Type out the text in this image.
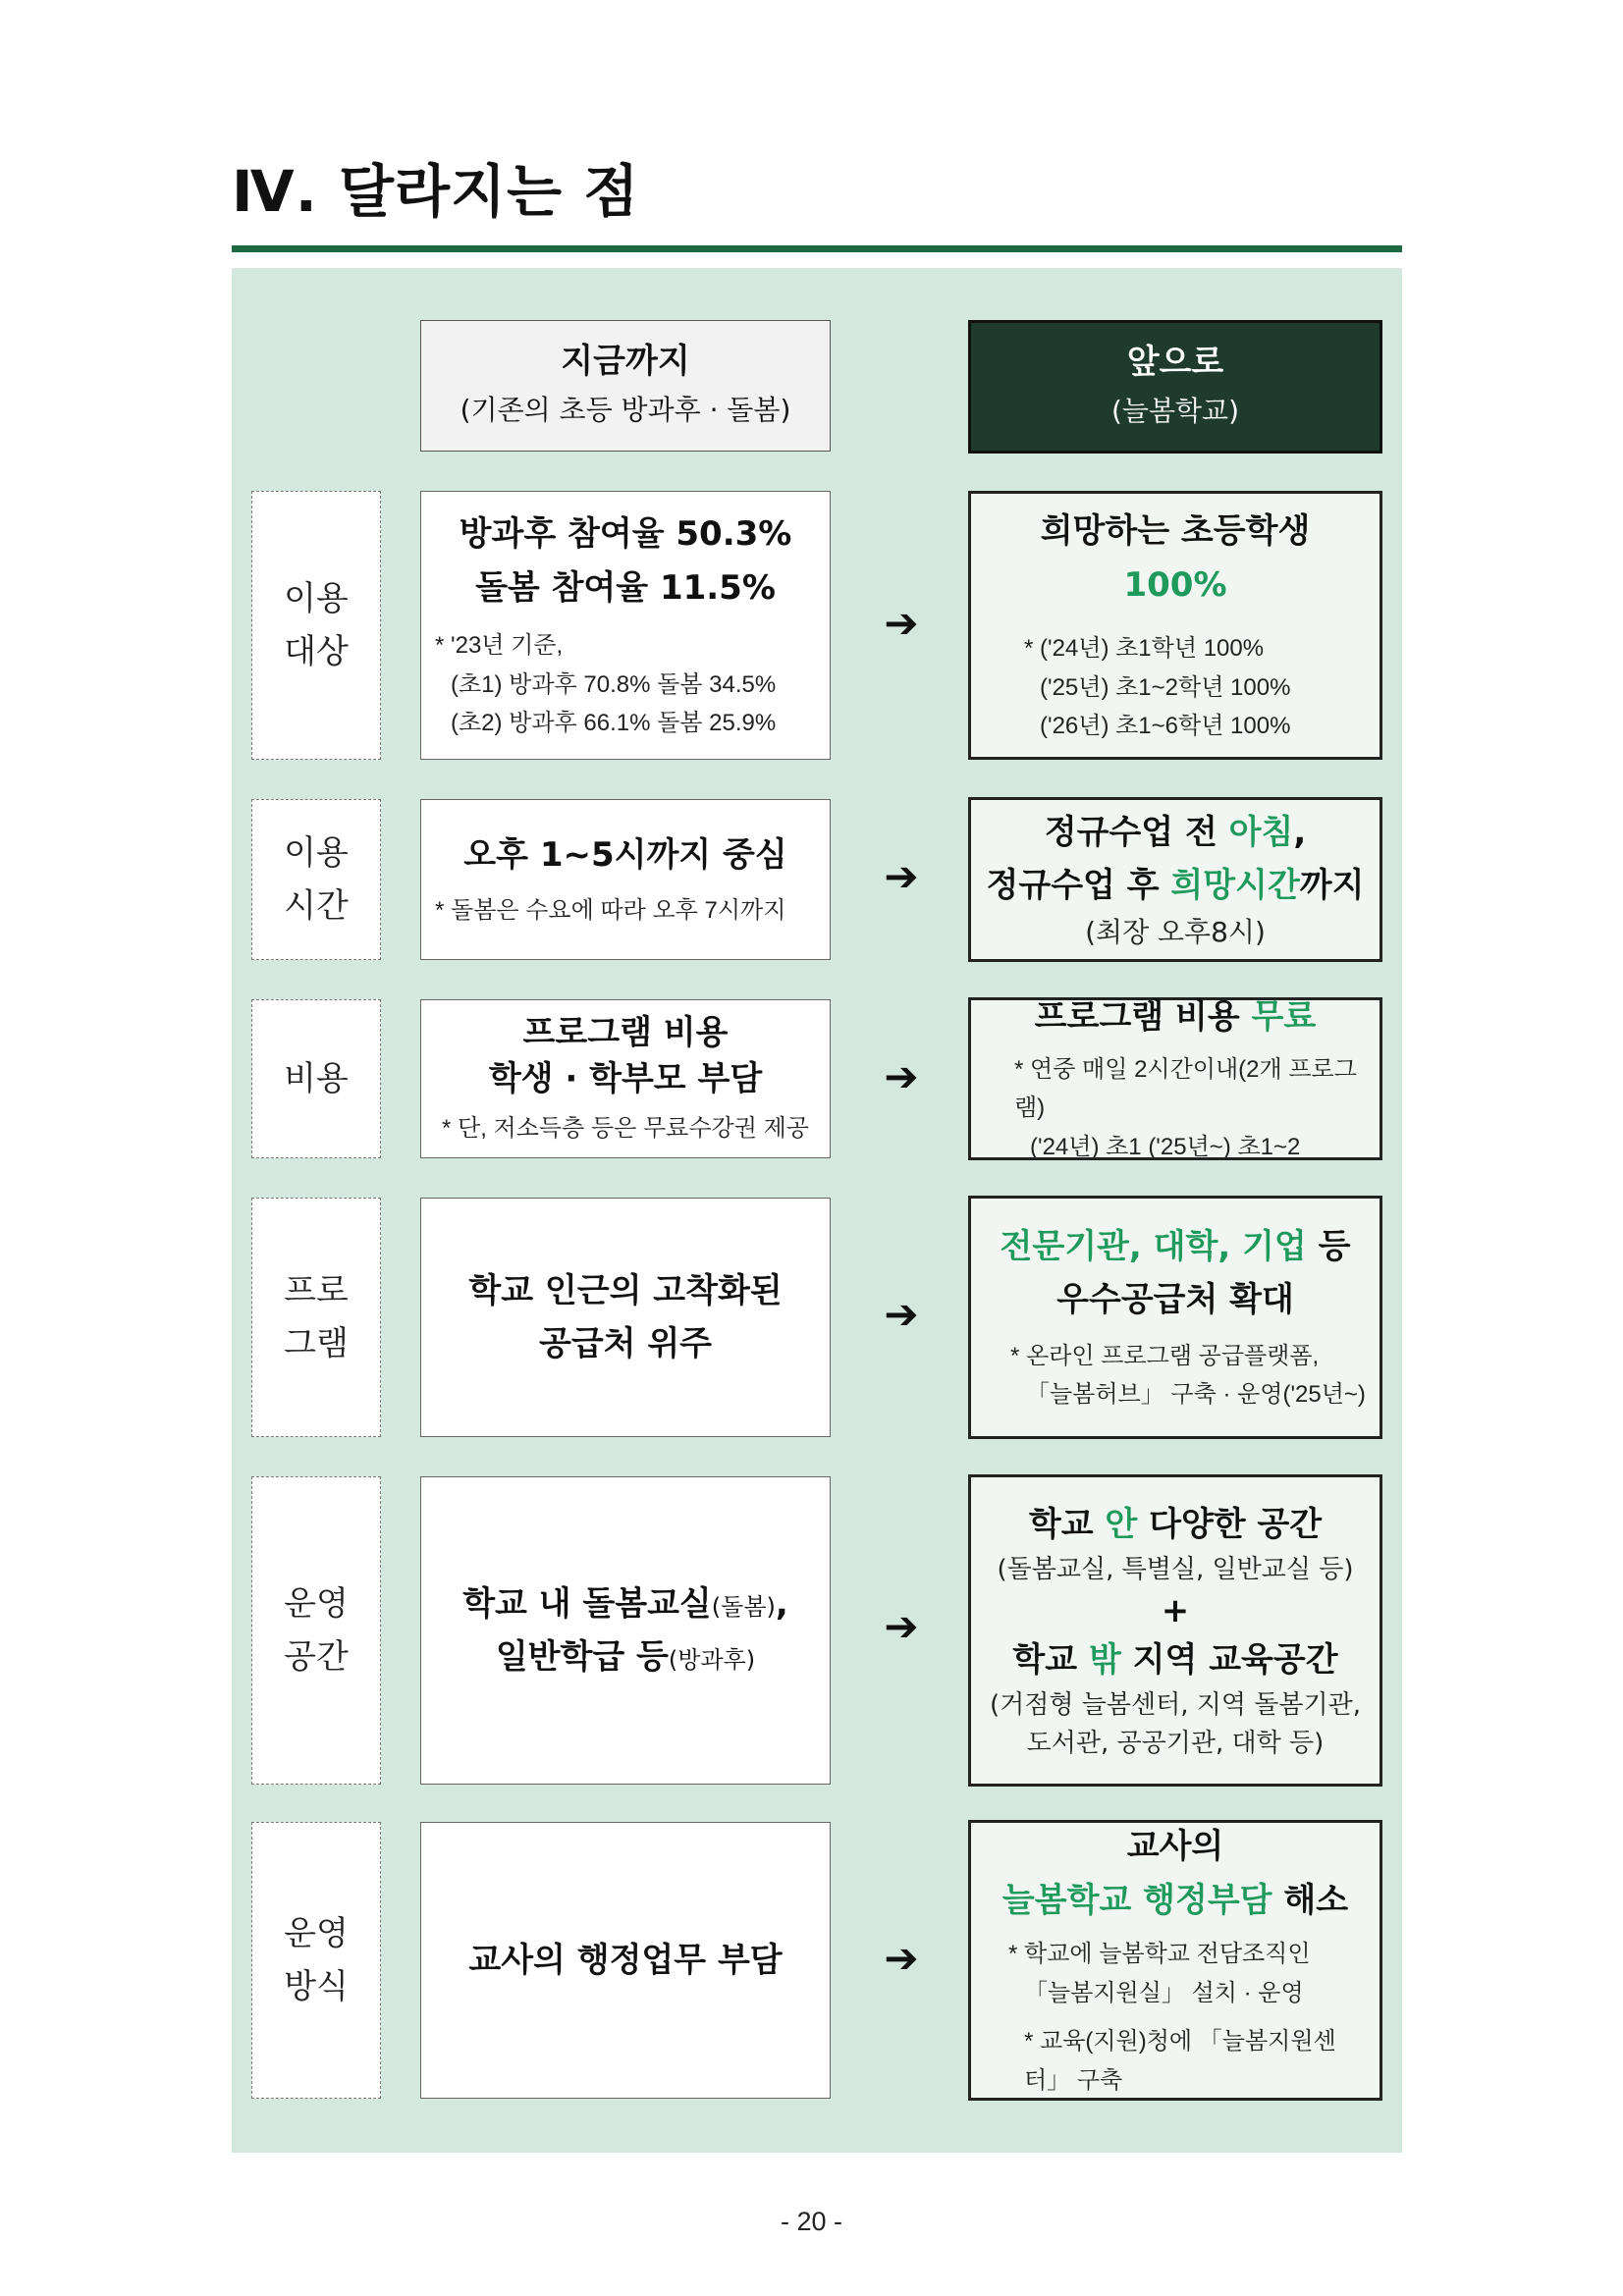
Ⅳ. 달라지는 점
지금까지
(기존의 초등 방과후 · 돌봄)
앞으로
(늘봄학교)
이용
대상
방과후 참여율 50.3%
돌봄 참여율 11.5%
* '23년 기준,
(초1) 방과후 70.8% 돌봄 34.5%
(초2) 방과후 66.1% 돌봄 25.9%
➔
희망하는 초등학생 100%
* ('24년) 초1학년 100%
('25년) 초1~2학년 100%
('26년) 초1~6학년 100%
이용
시간
오후 1~5시까지 중심
* 돌봄은 수요에 따라 오후 7시까지
➔
정규수업 전 아침,
정규수업 후 희망시간까지
(최장 오후8시)
비용
프로그램 비용
학생 · 학부모 부담
* 단, 저소득층 등은 무료수강권 제공
➔
프로그램 비용 무료
* 연중 매일 2시간이내(2개 프로그램)
('24년) 초1 ('25년~) 초1~2
프로
그램
학교 인근의 고착화된
공급처 위주
➔
전문기관, 대학, 기업 등
우수공급처 확대
* 온라인 프로그램 공급플랫폼,
「늘봄허브」 구축 · 운영('25년~)
운영
공간
학교 내 돌봄교실(돌봄),
일반학급 등(방과후)
➔
학교 안 다양한 공간
(돌봄교실, 특별실, 일반교실 등)
+
학교 밖 지역 교육공간
(거점형 늘봄센터, 지역 돌봄기관,
도서관, 공공기관, 대학 등)
운영
방식
교사의 행정업무 부담 ➔
교사의
늘봄학교 행정부담 해소
* 학교에 늘봄학교 전담조직인
「늘봄지원실」 설치 · 운영
* 교육(지원)청에 「늘봄지원센터」 구축
- 20 -
